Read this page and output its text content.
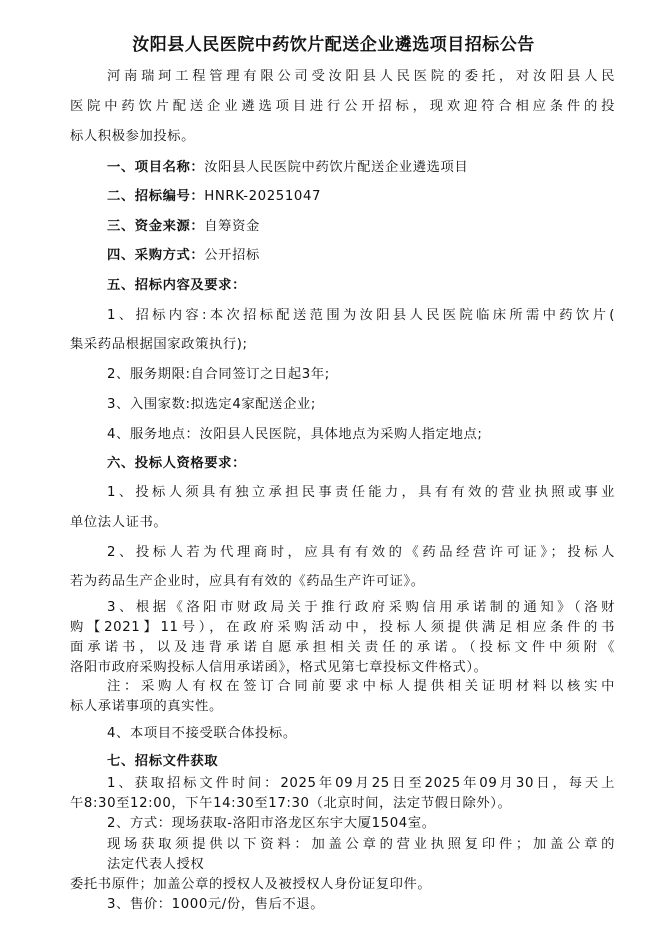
汝阳县人民医院中药饮片配送企业遴选项目招标公告
河南瑞珂工程管理有限公司受汝阳县人民医院的委托，对汝阳县人民
医院中药饮片配送企业遴选项目进行公开招标，现欢迎符合相应条件的投
标人积极参加投标。
一、项目名称：汝阳县人民医院中药饮片配送企业遴选项目
二、招标编号：HNRK-20251047
三、资金来源：自筹资金
四、采购方式：公开招标
五、招标内容及要求：
1、招标内容:本次招标配送范围为汝阳县人民医院临床所需中药饮片(
集采药品根据国家政策执行);
2、服务期限:自合同签订之日起3年;
3、入围家数:拟选定4家配送企业;
4、服务地点：汝阳县人民医院，具体地点为采购人指定地点;
六、投标人资格要求：
1、投标人须具有独立承担民事责任能力，具有有效的营业执照或事业
单位法人证书。
2、投标人若为代理商时，应具有有效的《药品经营许可证》；投标人
若为药品生产企业时，应具有有效的《药品生产许可证》。
3、根据《洛阳市财政局关于推行政府采购信用承诺制的通知》（洛财
购【2021】11号），在政府采购活动中，投标人须提供满足相应条件的书
面承诺书，以及违背承诺自愿承担相关责任的承诺。（投标文件中须附《
洛阳市政府采购投标人信用承诺函》，格式见第七章投标文件格式）。
注：采购人有权在签订合同前要求中标人提供相关证明材料以核实中
标人承诺事项的真实性。
4、本项目不接受联合体投标。
七、招标文件获取
1、获取招标文件时间：2025年09月25日至2025年09月30日，每天上
午8:30至12:00，下午14:30至17:30（北京时间，法定节假日除外）。
2、方式：现场获取-洛阳市洛龙区东宇大厦1504室。
现场获取须提供以下资料：加盖公章的营业执照复印件；加盖公章的
法定代表人授权
委托书原件；加盖公章的授权人及被授权人身份证复印件。
3、售价：1000元/份，售后不退。
